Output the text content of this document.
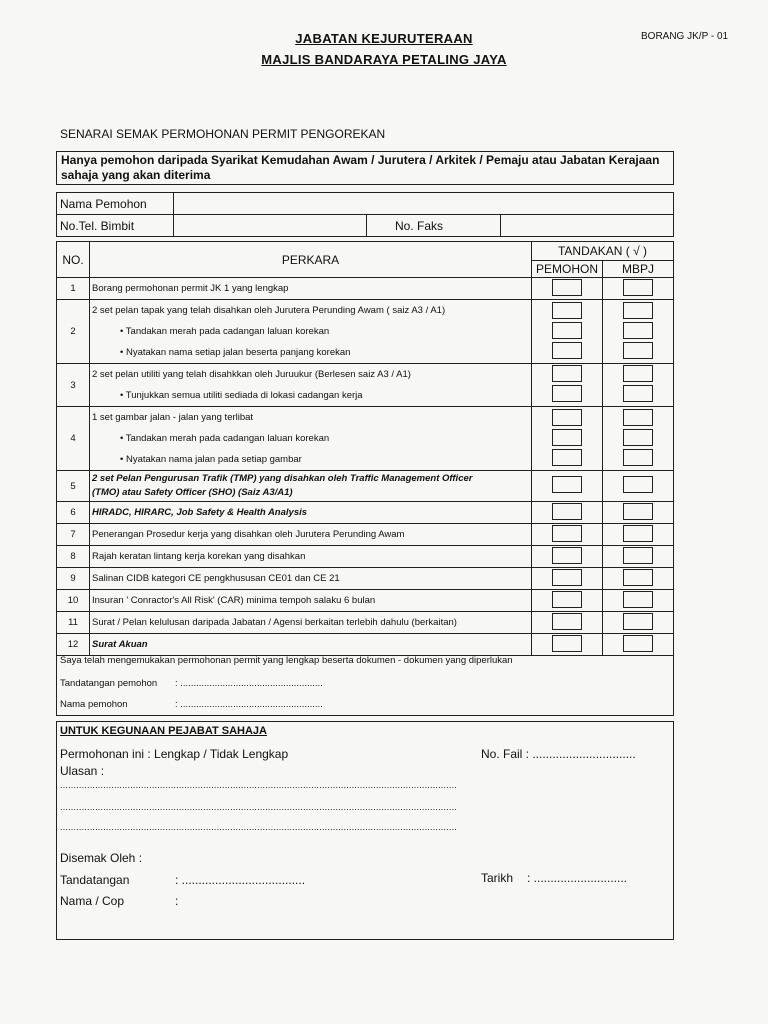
JABATAN KEJURUTERAAN
MAJLIS BANDARAYA PETALING JAYA
BORANG JK/P - 01
SENARAI SEMAK PERMOHONAN PERMIT PENGOREKAN
Hanya pemohon daripada Syarikat Kemudahan Awam / Jurutera / Arkitek / Pemaju atau Jabatan Kerajaan sahaja yang akan diterima
Nama Pemohon			
No.Tel. Bimbit		No. Faks	
NO.	PERKARA	TANDAKAN ( √ )	
		PEMOHON	MBPJ
1	Borang permohonan permit JK 1 yang lengkap		

2	2 set pelan tapak yang telah disahkan oleh Jurutera Perunding Awam ( saiz A3 / A1)
• Tandakan merah pada cadangan laluan korekan
• Nyatakan nama setiap jalan beserta panjang korekan		

3	2 set pelan utiliti yang telah disahkkan oleh Juruukur (Berlesen saiz A3 / A1)
• Tunjukkan semua utiliti sediada di lokasi cadangan kerja		

4	1 set gambar jalan - jalan yang terlibat
• Tandakan merah pada cadangan laluan korekan
• Nyatakan nama jalan pada setiap gambar		

5	2 set Pelan Pengurusan Trafik (TMP) yang disahkan oleh Traffic Management Officer
(TMO) atau Safety Officer (SHO) (Saiz A3/A1)		

6	HIRADC, HIRARC, Job Safety & Health Analysis		

7	Penerangan Prosedur kerja yang disahkan oleh Jurutera Perunding Awam		

8	Rajah keratan lintang kerja korekan yang disahkan		

9	Salinan CIDB kategori CE pengkhususan CE01 dan CE 21		

10	Insuran ' Conractor's All Risk' (CAR) minima tempoh salaku 6 bulan		

11	Surat / Pelan kelulusan daripada Jabatan / Agensi berkaitan terlebih dahulu (berkaitan)		

12	Surat Akuan		

Saya telah mengemukakan permohonan permit yang lengkap beserta dokumen - dokumen yang diperlukan
Tandatangan pemohon : ......................................................
Nama pemohon	: ......................................................
UNTUK KEGUNAAN PEJABAT SAHAJA
Permohonan ini : Lengkap / Tidak Lengkap	No. Fail : ...............................
Ulasan :
...................................................................................................................................................
...................................................................................................................................................
...................................................................................................................................................
Disemak Oleh :
Tandatangan	: .....................................	Tarikh : ............................
Nama / Cop	:
